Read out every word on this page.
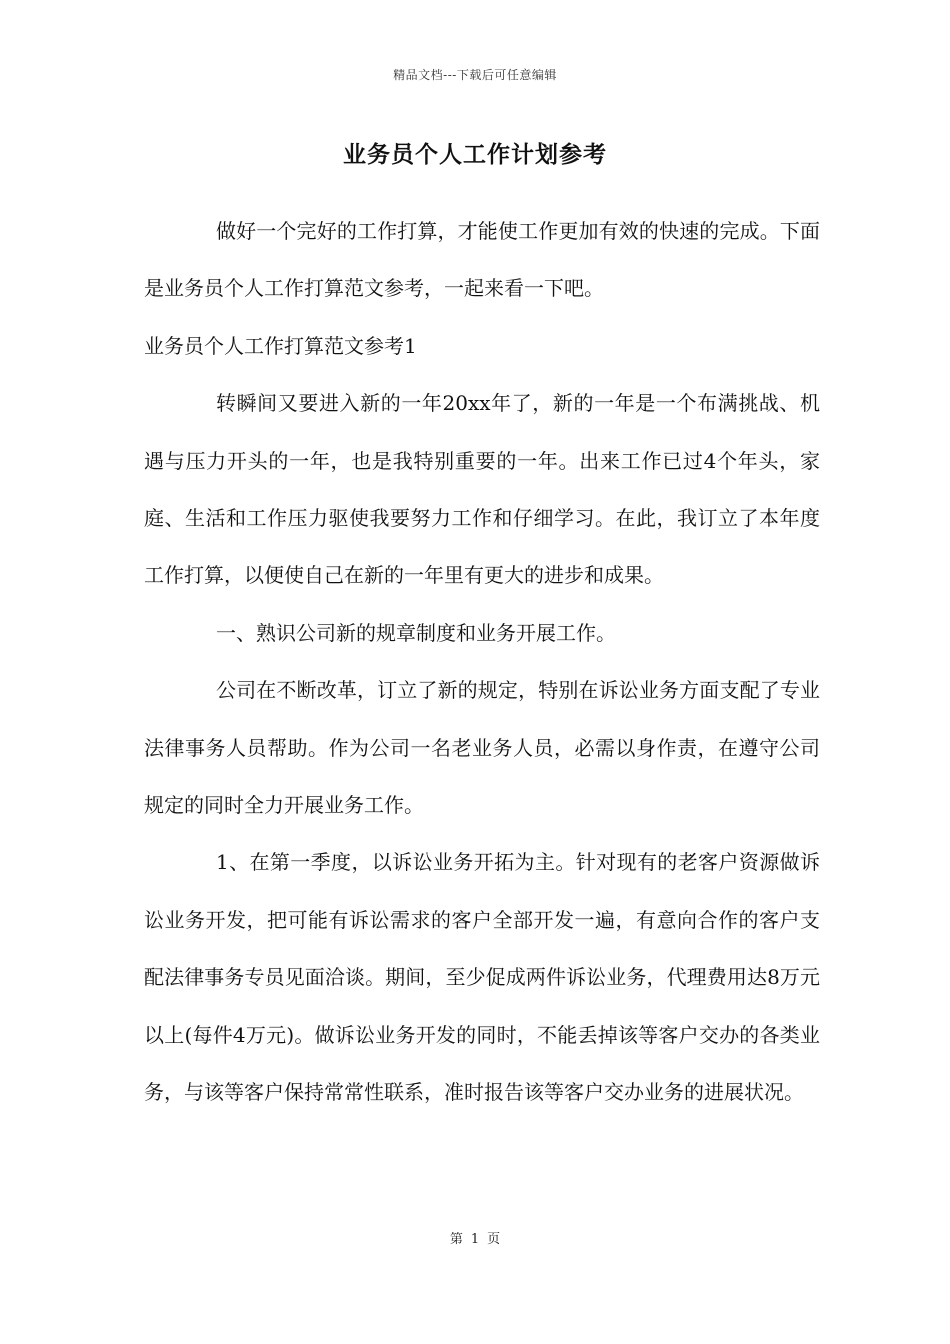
精品文档---下载后可任意编辑
业务员个人工作计划参考

做好一个完好的工作打算，才能使工作更加有效的快速的完成。下面是业务员个人工作打算范文参考，一起来看一下吧。

业务员个人工作打算范文参考1

转瞬间又要进入新的一年20xx年了，新的一年是一个布满挑战、机遇与压力开头的一年，也是我特别重要的一年。出来工作已过4个年头，家庭、生活和工作压力驱使我要努力工作和仔细学习。在此，我订立了本年度工作打算，以便使自己在新的一年里有更大的进步和成果。

一、熟识公司新的规章制度和业务开展工作。

公司在不断改革，订立了新的规定，特别在诉讼业务方面支配了专业法律事务人员帮助。作为公司一名老业务人员，必需以身作责，在遵守公司规定的同时全力开展业务工作。

1、在第一季度，以诉讼业务开拓为主。针对现有的老客户资源做诉讼业务开发，把可能有诉讼需求的客户全部开发一遍，有意向合作的客户支配法律事务专员见面洽谈。期间，至少促成两件诉讼业务，代理费用达8万元以上(每件4万元)。做诉讼业务开发的同时，不能丢掉该等客户交办的各类业务，与该等客户保持常常性联系，准时报告该等客户交办业务的进展状况。

第 1 页
